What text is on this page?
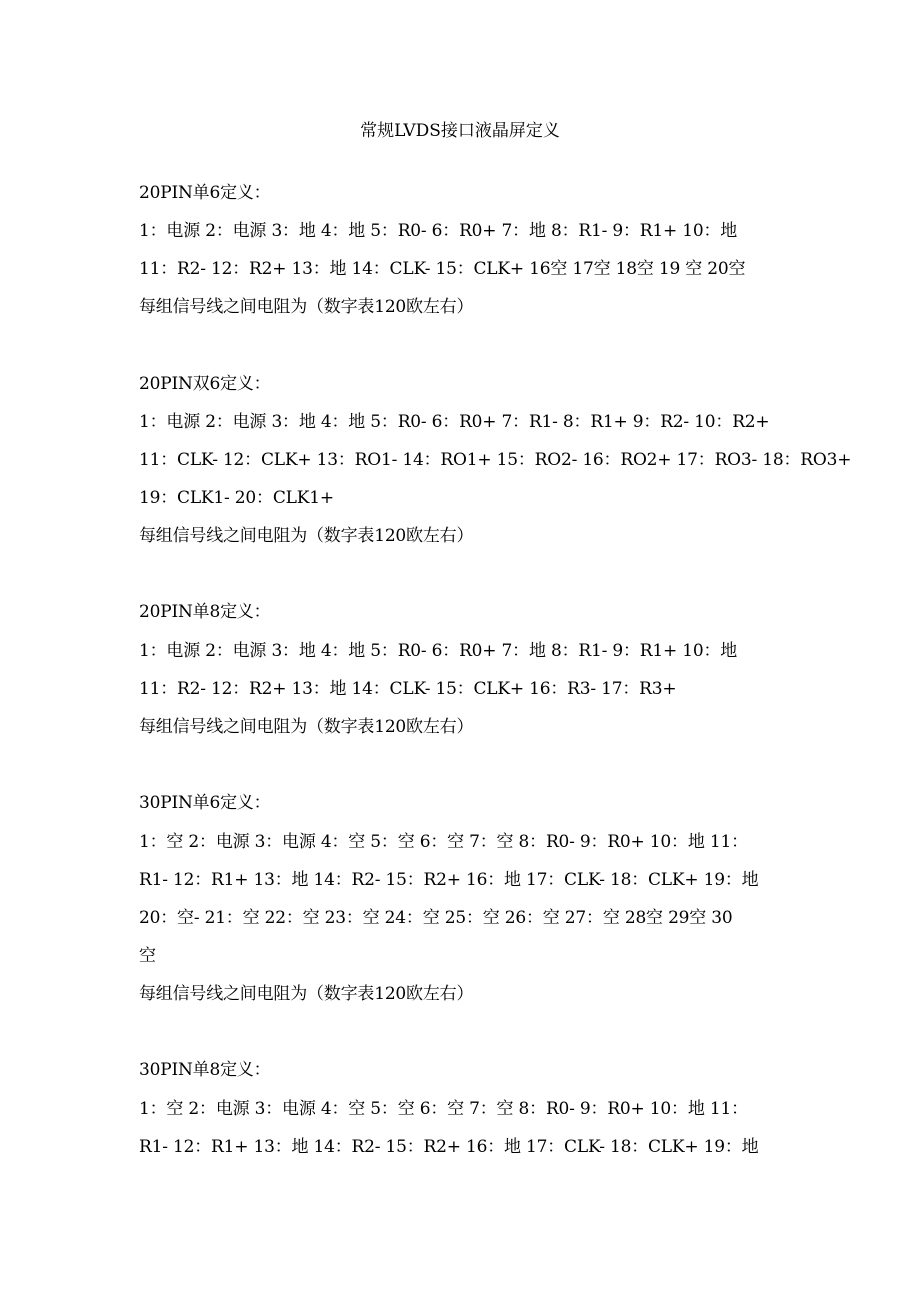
常规LVDS接口液晶屏定义
20PIN单6定义：
1：电源 2：电源 3：地 4：地 5：R0- 6：R0+ 7：地 8：R1- 9：R1+ 10：地
11：R2- 12：R2+ 13：地 14：CLK- 15：CLK+ 16空 17空 18空 19 空 20空
每组信号线之间电阻为（数字表120欧左右）
20PIN双6定义：
1：电源 2：电源 3：地 4：地 5：R0- 6：R0+ 7：R1- 8：R1+ 9：R2- 10：R2+
11：CLK- 12：CLK+ 13：RO1- 14：RO1+ 15：RO2- 16：RO2+ 17：RO3- 18：RO3+
19：CLK1- 20：CLK1+
每组信号线之间电阻为（数字表120欧左右）
20PIN单8定义：
1：电源 2：电源 3：地 4：地 5：R0- 6：R0+ 7：地 8：R1- 9：R1+ 10：地
11：R2- 12：R2+ 13：地 14：CLK- 15：CLK+ 16：R3- 17：R3+
每组信号线之间电阻为（数字表120欧左右）
30PIN单6定义：
1：空 2：电源 3：电源 4：空 5：空 6：空 7：空 8：R0- 9：R0+ 10：地 11：
R1- 12：R1+ 13：地 14：R2- 15：R2+ 16：地 17：CLK- 18：CLK+ 19：地
20：空- 21：空 22：空 23：空 24：空 25：空 26：空 27：空 28空 29空 30
空
每组信号线之间电阻为（数字表120欧左右）
30PIN单8定义：
1：空 2：电源 3：电源 4：空 5：空 6：空 7：空 8：R0- 9：R0+ 10：地 11：
R1- 12：R1+ 13：地 14：R2- 15：R2+ 16：地 17：CLK- 18：CLK+ 19：地
